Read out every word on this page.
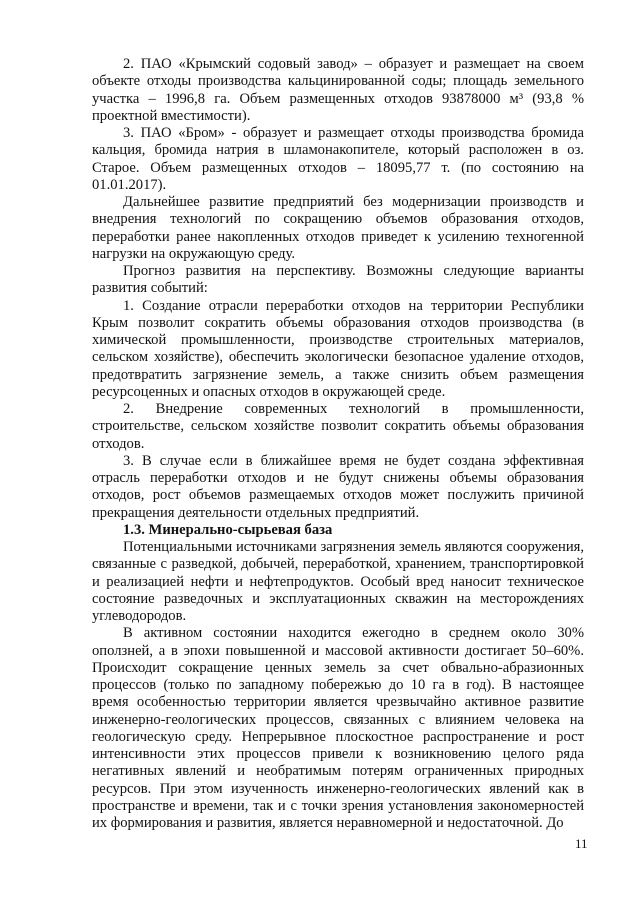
2. ПАО «Крымский содовый завод» – образует и размещает на своем объекте отходы производства кальцинированной соды; площадь земельного участка – 1996,8 га. Объем размещенных отходов 93878000 м³ (93,8 % проектной вместимости).

3. ПАО «Бром» - образует и размещает отходы производства бромида кальция, бромида натрия в шламонакопителе, который расположен в оз. Старое. Объем размещенных отходов – 18095,77 т. (по состоянию на 01.01.2017).

Дальнейшее развитие предприятий без модернизации производств и внедрения технологий по сокращению объемов образования отходов, переработки ранее накопленных отходов приведет к усилению техногенной нагрузки на окружающую среду.

Прогноз развития на перспективу. Возможны следующие варианты развития событий:

1. Создание отрасли переработки отходов на территории Республики Крым позволит сократить объемы образования отходов производства (в химической промышленности, производстве строительных материалов, сельском хозяйстве), обеспечить экологически безопасное удаление отходов, предотвратить загрязнение земель, а также снизить объем размещения ресурсоценных и опасных отходов в окружающей среде.

2. Внедрение современных технологий в промышленности, строительстве, сельском хозяйстве позволит сократить объемы образования отходов.

3. В случае если в ближайшее время не будет создана эффективная отрасль переработки отходов и не будут снижены объемы образования отходов, рост объемов размещаемых отходов может послужить причиной прекращения деятельности отдельных предприятий.

1.3. Минерально-сырьевая база

Потенциальными источниками загрязнения земель являются сооружения, связанные с разведкой, добычей, переработкой, хранением, транспортировкой и реализацией нефти и нефтепродуктов. Особый вред наносит техническое состояние разведочных и эксплуатационных скважин на месторождениях углеводородов.

В активном состоянии находится ежегодно в среднем около 30% оползней, а в эпохи повышенной и массовой активности достигает 50–60%. Происходит сокращение ценных земель за счет обвально-абразионных процессов (только по западному побережью до 10 га в год). В настоящее время особенностью территории является чрезвычайно активное развитие инженерно-геологических процессов, связанных с влиянием человека на геологическую среду. Непрерывное плоскостное распространение и рост интенсивности этих процессов привели к возникновению целого ряда негативных явлений и необратимым потерям ограниченных природных ресурсов. При этом изученность инженерно-геологических явлений как в пространстве и времени, так и с точки зрения установления закономерностей их формирования и развития, является неравномерной и недостаточной. До

11
